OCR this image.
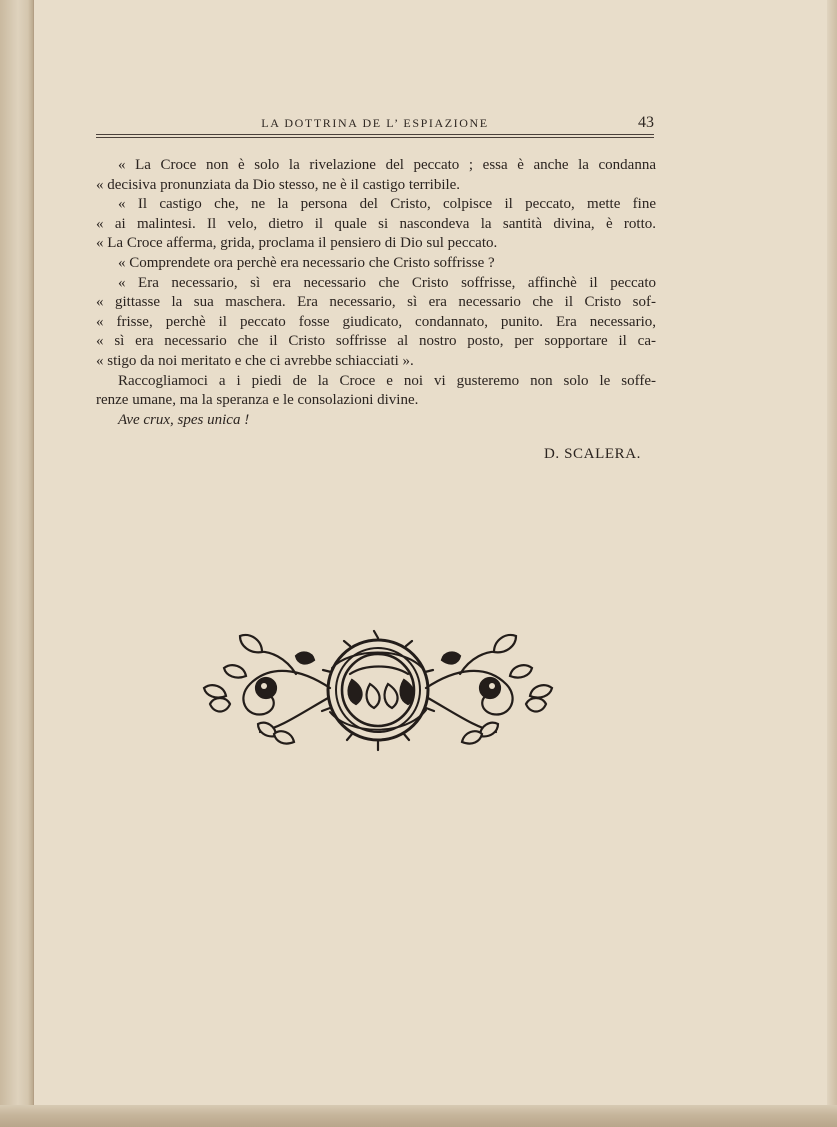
LA DOTTRINA DE L’ ESPIAZIONE	43
« La Croce non è solo la rivelazione del peccato ; essa è anche la condanna
« decisiva pronunziata da Dio stesso, ne è il castigo terribile.
« Il castigo che, ne la persona del Cristo, colpisce il peccato, mette fine
« ai malintesi. Il velo, dietro il quale si nascondeva la santità divina, è rotto.
« La Croce afferma, grida, proclama il pensiero di Dio sul peccato.
« Comprendete ora perchè era necessario che Cristo soffrisse ?
« Era necessario, sì era necessario che Cristo soffrisse, affinchè il peccato
« gittasse la sua maschera. Era necessario, sì era necessario che il Cristo sof-
« frisse, perchè il peccato fosse giudicato, condannato, punito. Era necessario,
« sì era necessario che il Cristo soffrisse al nostro posto, per sopportare il ca-
« stigo da noi meritato e che ci avrebbe schiacciati ».
Raccogliamoci a i piedi de la Croce e noi vi gusteremo non solo le soffe-
renze umane, ma la speranza e le consolazioni divine.
Ave crux, spes unica !
D. SCALERA.
